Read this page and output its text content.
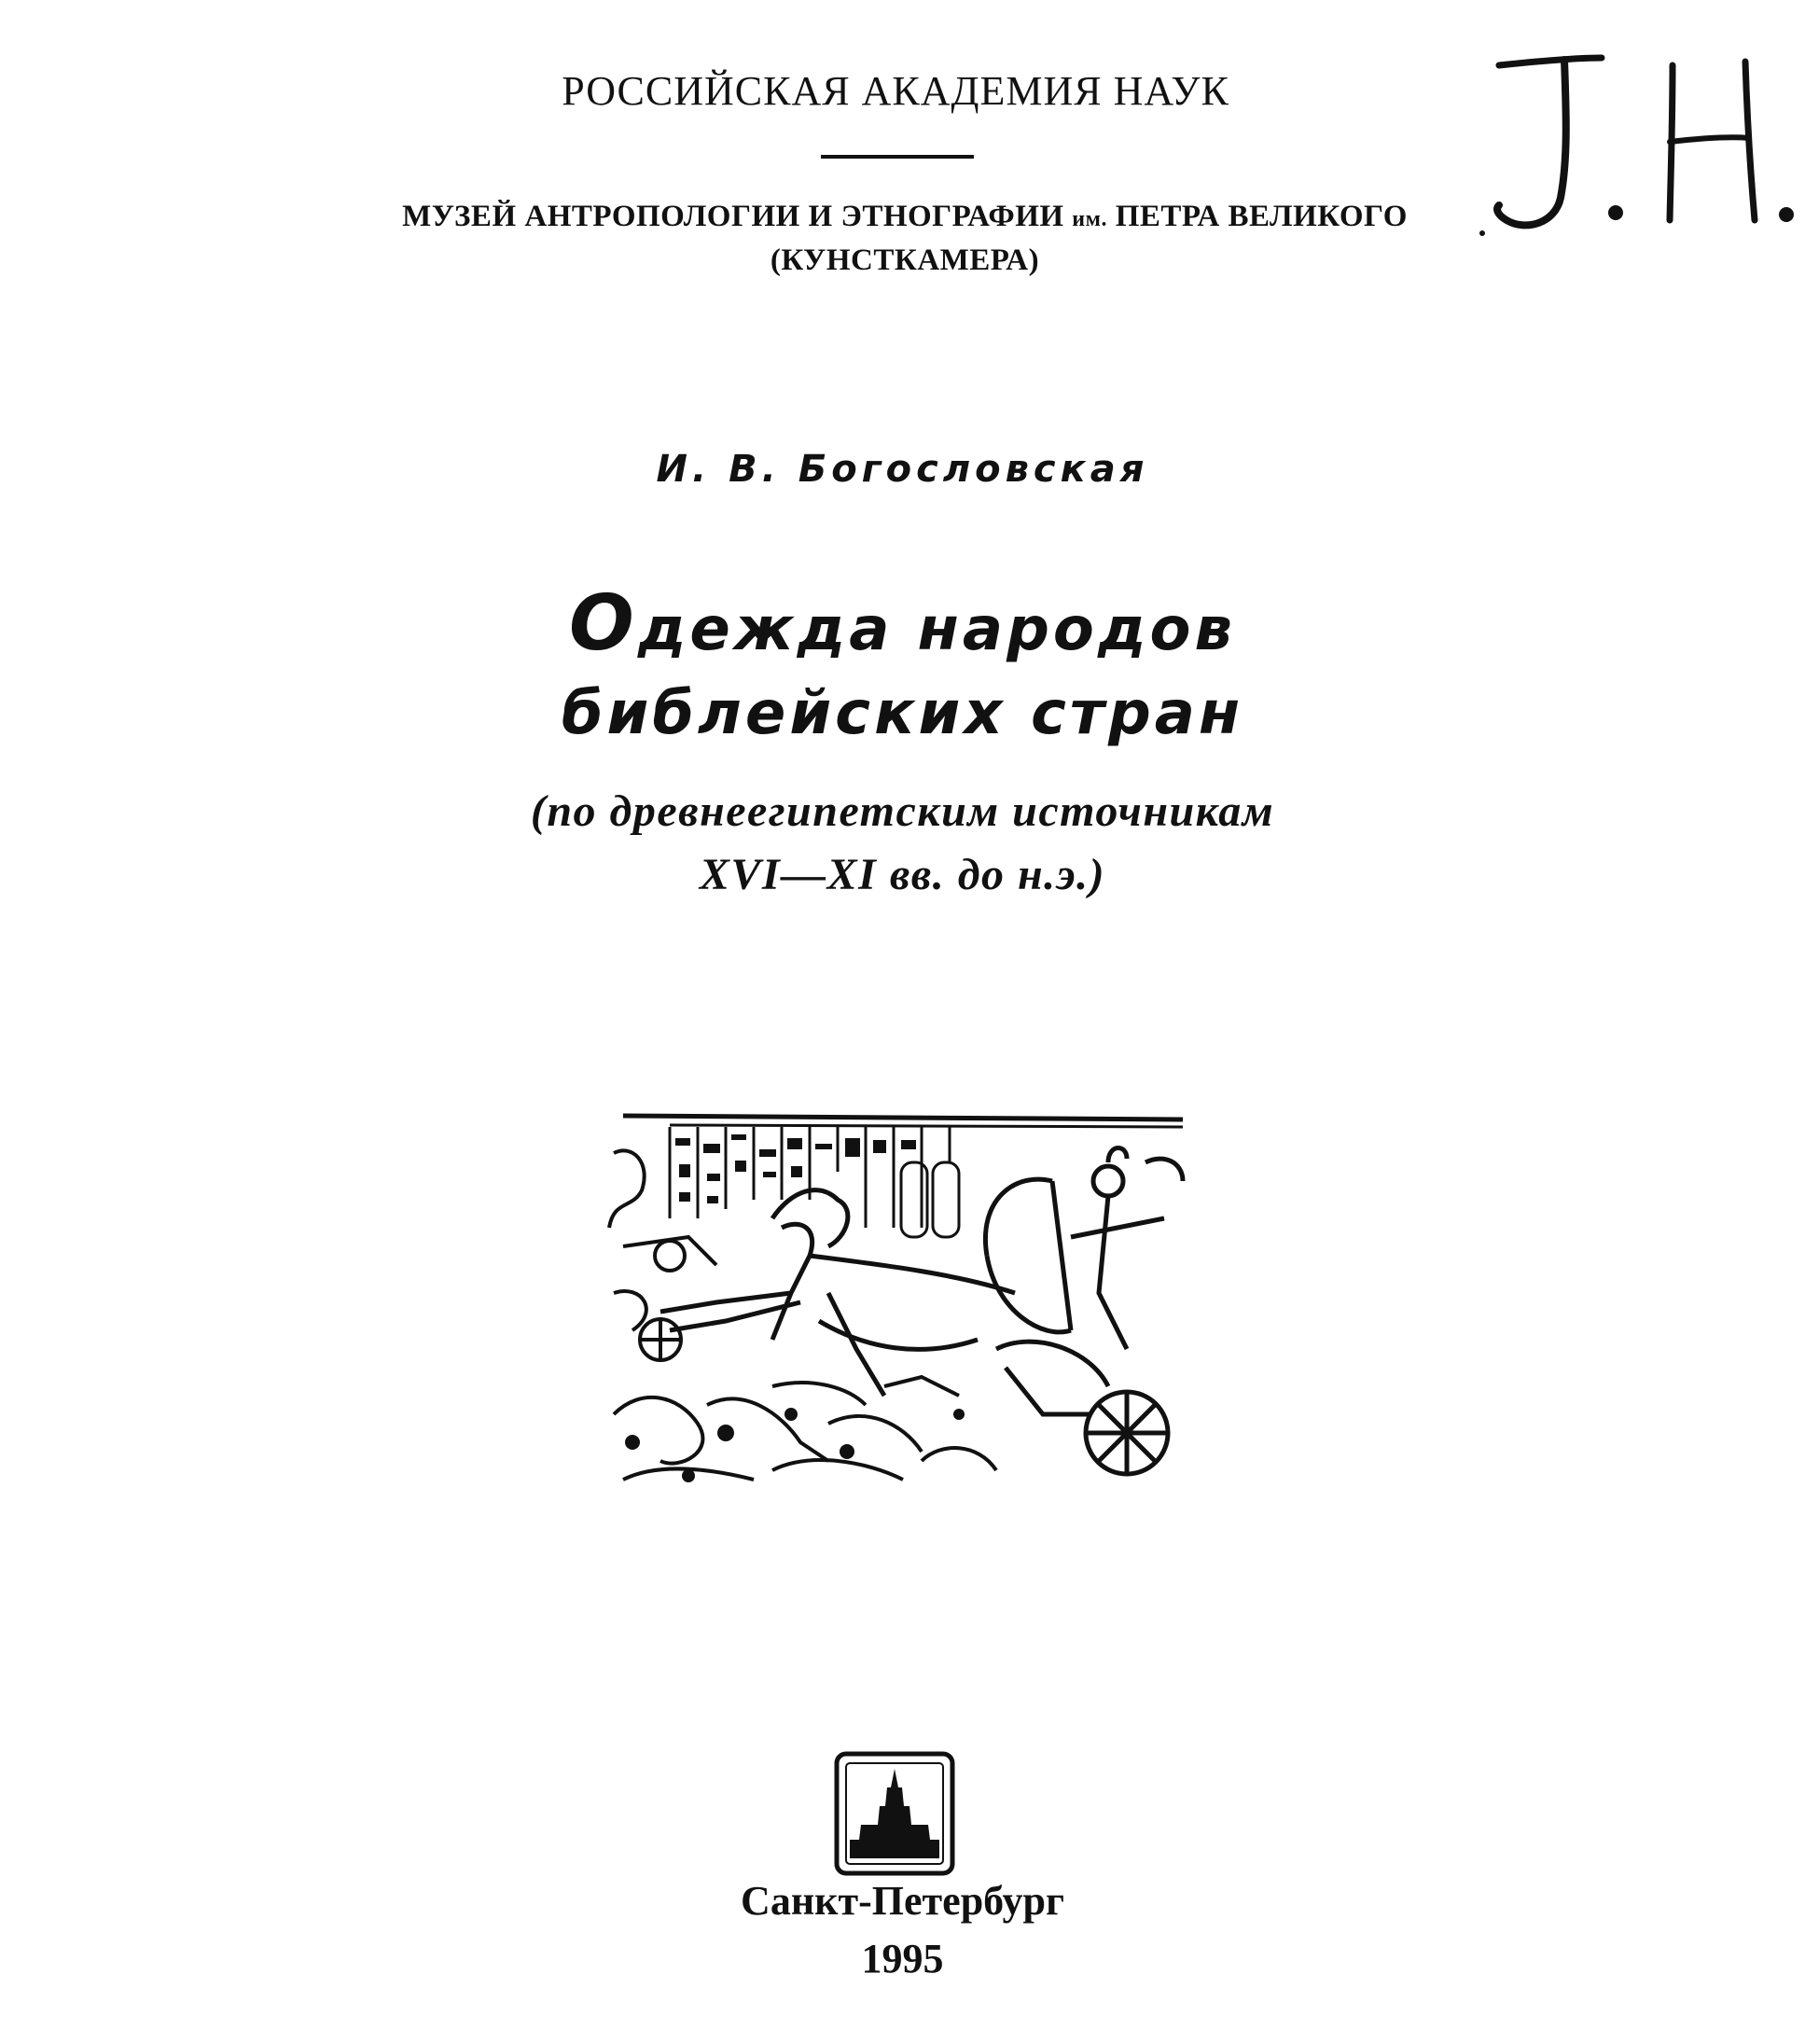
РОССИЙСКАЯ АКАДЕМИЯ НАУК
МУЗЕЙ АНТРОПОЛОГИИ И ЭТНОГРАФИИ им. ПЕТРА ВЕЛИКОГО
(КУНСТКАМЕРА)
И. В. Богословская
Одежда народов
библейских стран
(по древнеегипетским источникам
XVI—XI вв. до н.э.)
Санкт-Петербург
1995
